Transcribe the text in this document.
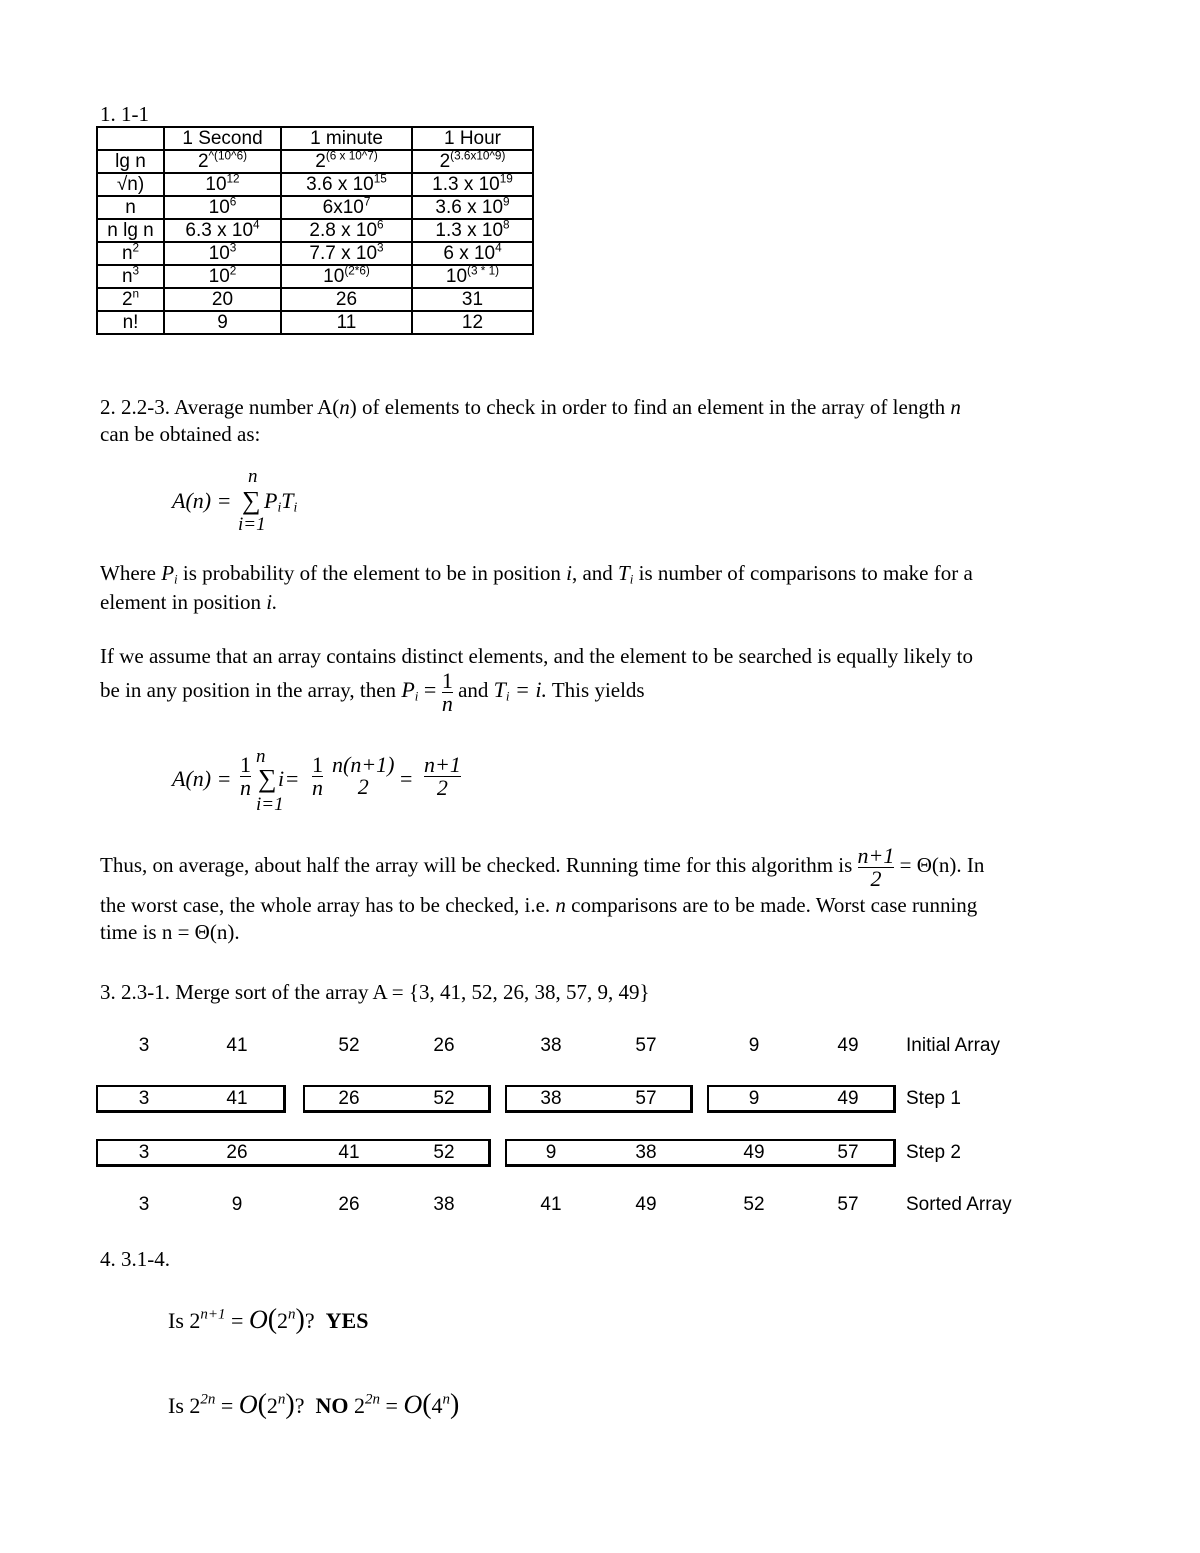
1. 1-1
	1 Second	1 minute	1 Hour
lg n	$2^{\^{}(10\^{}6)}$	$2^{(6 x 10\^{}7)}$	$2^{(3.6x10\^{}9)}$
√n)	$10^{12}$	3.6 x $10^{15}$	1.3 x $10^{19}$
n	$10^6$	$6x10^7$	3.6 x $10^9$
n lg n	6.3 x $10^4$	2.8 x $10^6$	1.3 x $10^8$
$n^2$	$10^3$	7.7 x $10^3$	6 x $10^4$
$n^3$	$10^2$	$10^{(2*6)}$	$10^{(3 * 1)}$
2$^n$	20	26	31
n!	9	11	12
2. 2.2-3. Average number A(n) of elements to check in order to find an element in the array of length n
can be obtained as:
A(n) =
n
∑ $P_iT_i$
i=1
Where $P_i$ is probability of the element to be in position i, and $T_i$ is number of comparisons to make for a
element in position i.
If we assume that an array contains distinct elements, and the element to be searched is equally likely to
be in any position in the array, then $P_i = \frac{1}{n}$ and $T_i = i$. This yields
$A(n) = \frac{1}{n}$ n
∑ i
i=1
= $\frac{1}{n} n(n+1)$
2	= $\frac{n+1}{2}$
Thus, on average, about half the array will be checked. Running time for this algorithm is $\frac{n+1}{2} = \Theta(n)$. In
the worst case, the whole array has to be checked, i.e. n comparisons are to be made. Worst case running
time is n = Θ(n).
3. 2.3-1. Merge sort of the array A = {3, 41, 52, 26, 38, 57, 9, 49}
3	41	52	26	38	57	9	49	Initial Array
3	41	26	52	38	57	9	49	Step 1
3	26	41	52	9	38	49	57	Step 2
3	9	26	38	41	49	52	57	Sorted Array
4. 3.1-4.
Is $2^{n+1} = O(2^n)$? YES
Is $2^{2n} = O(2^n)$? NO $2^{2n} = O(4^n)$
